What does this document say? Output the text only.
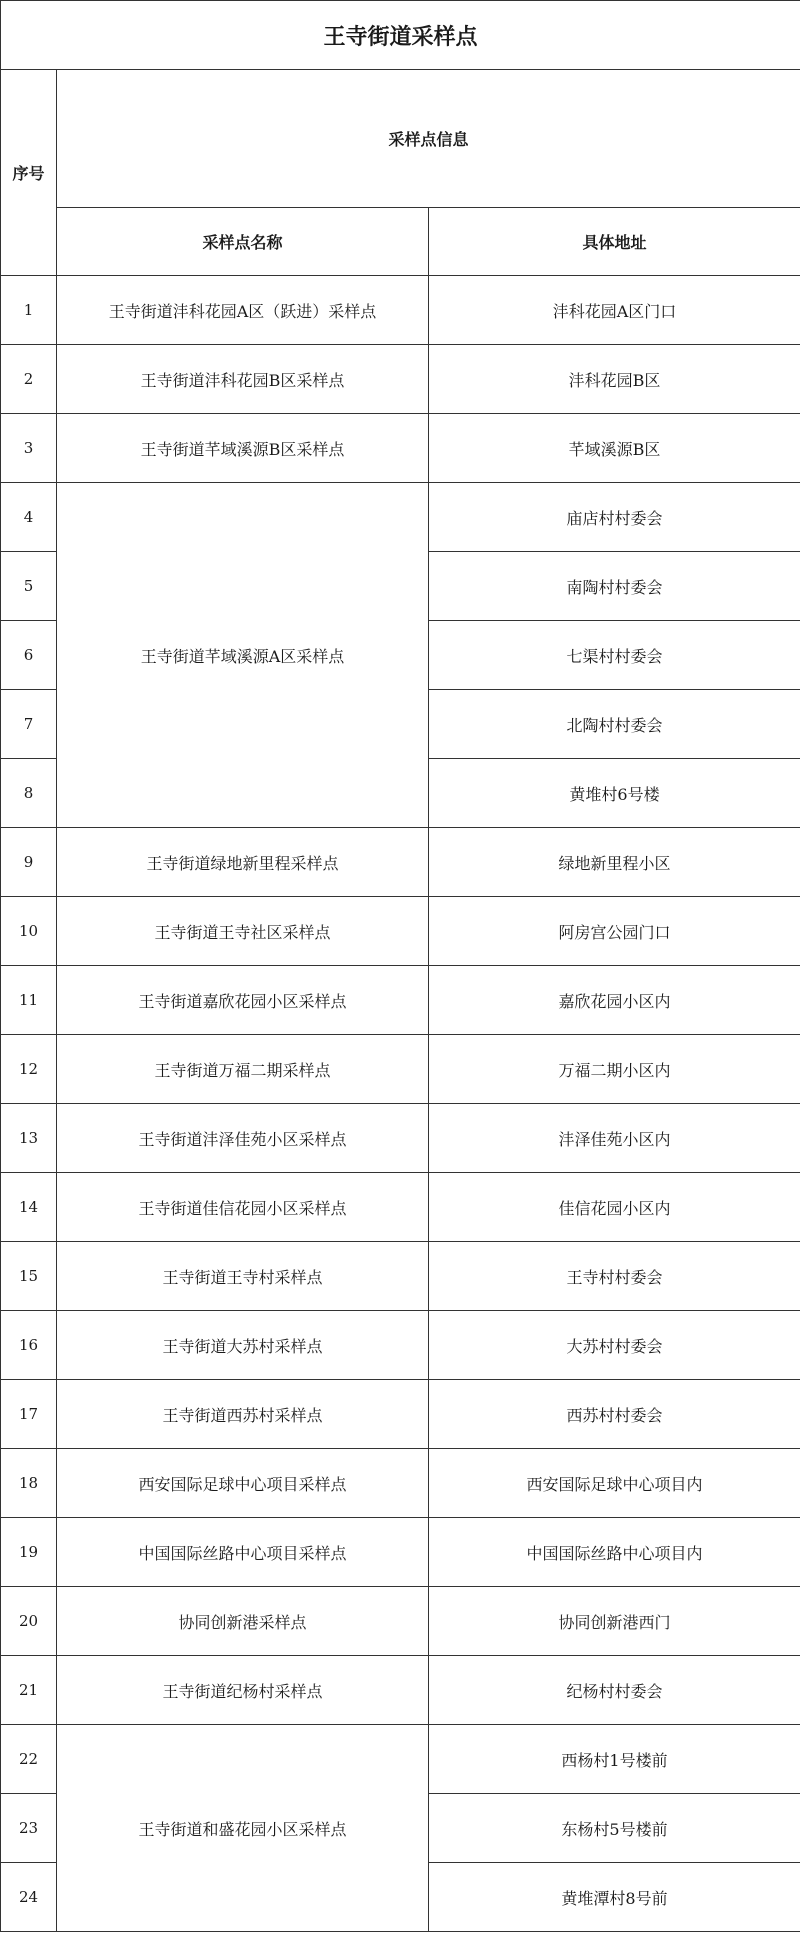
王寺街道采样点		
序号	采样点信息	
	采样点名称	具体地址
1	王寺街道沣科花园A区（跃进）采样点	沣科花园A区门口
2	王寺街道沣科花园B区采样点	沣科花园B区
3	王寺街道芊域溪源B区采样点	芊域溪源B区
4	王寺街道芊域溪源A区采样点	庙店村村委会
5		南陶村村委会
6		七渠村村委会
7		北陶村村委会
8		黄堆村6号楼
9	王寺街道绿地新里程采样点	绿地新里程小区
10	王寺街道王寺社区采样点	阿房宫公园门口
11	王寺街道嘉欣花园小区采样点	嘉欣花园小区内
12	王寺街道万福二期采样点	万福二期小区内
13	王寺街道沣泽佳苑小区采样点	沣泽佳苑小区内
14	王寺街道佳信花园小区采样点	佳信花园小区内
15	王寺街道王寺村采样点	王寺村村委会
16	王寺街道大苏村采样点	大苏村村委会
17	王寺街道西苏村采样点	西苏村村委会
18	西安国际足球中心项目采样点	西安国际足球中心项目内
19	中国国际丝路中心项目采样点	中国国际丝路中心项目内
20	协同创新港采样点	协同创新港西门
21	王寺街道纪杨村采样点	纪杨村村委会
22	王寺街道和盛花园小区采样点	西杨村1号楼前
23		东杨村5号楼前
24		黄堆潭村8号前
